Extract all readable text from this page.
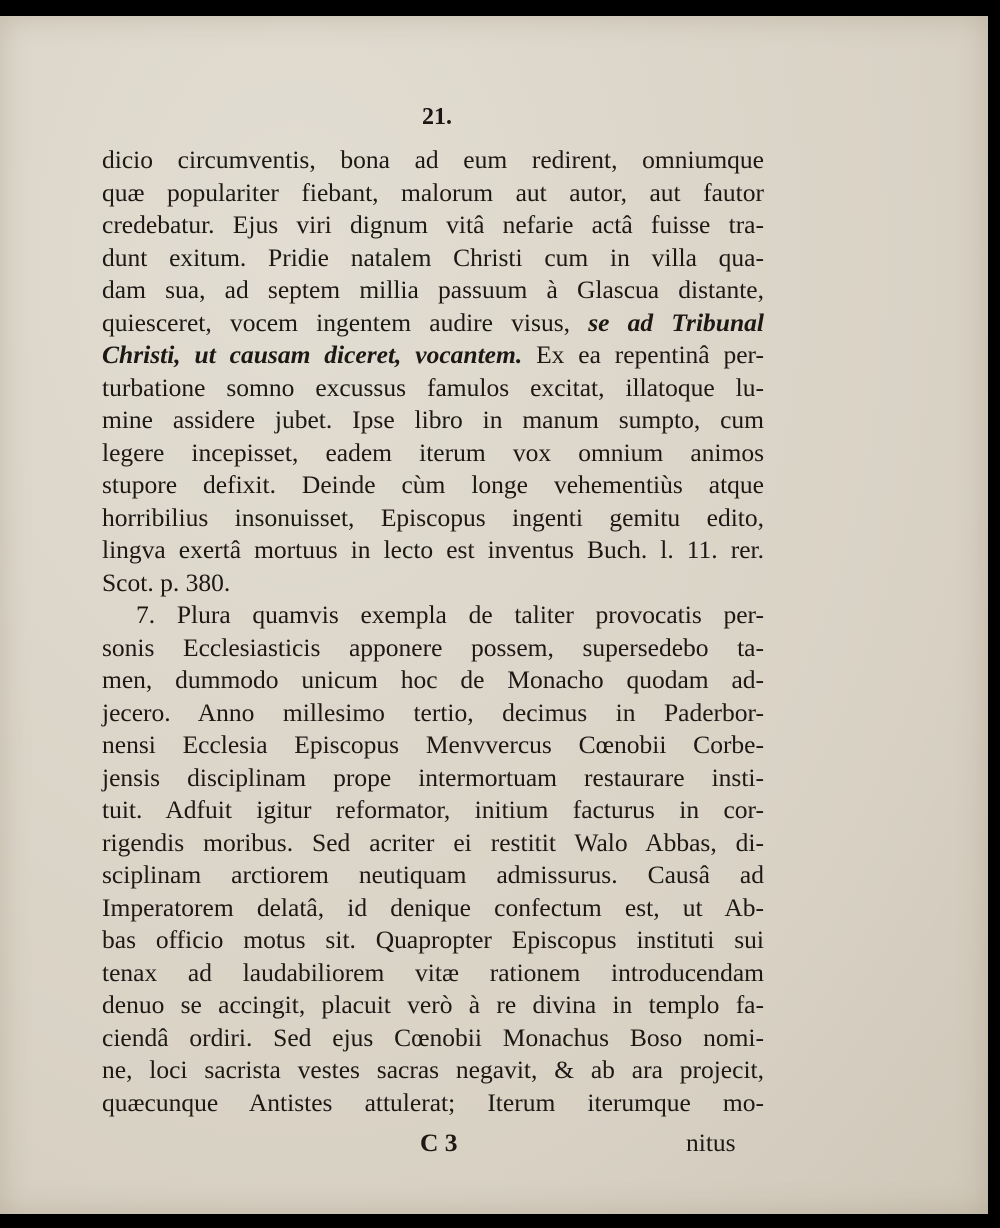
21.
dicio circumventis, bona ad eum redirent, omniumque
quæ populariter fiebant, malorum aut autor, aut fautor
credebatur. Ejus viri dignum vitâ nefarie actâ fuisse tra-
dunt exitum. Pridie natalem Christi cum in villa qua-
dam sua, ad septem millia passuum à Glascua distante,
quiesceret, vocem ingentem audire visus, se ad Tribunal
Christi, ut causam diceret, vocantem. Ex ea repentinâ per-
turbatione somno excussus famulos excitat, illatoque lu-
mine assidere jubet. Ipse libro in manum sumpto, cum
legere incepisset, eadem iterum vox omnium animos
stupore defixit. Deinde cùm longe vehementiùs atque
horribilius insonuisset, Episcopus ingenti gemitu edito,
lingva exertâ mortuus in lecto est inventus Buch. l. 11. rer.
Scot. p. 380.
7. Plura quamvis exempla de taliter provocatis per-
sonis Ecclesiasticis apponere possem, supersedebo ta-
men, dummodo unicum hoc de Monacho quodam ad-
jecero. Anno millesimo tertio, decimus in Paderbor-
nensi Ecclesia Episcopus Menvvercus Cœnobii Corbe-
jensis disciplinam prope intermortuam restaurare insti-
tuit. Adfuit igitur reformator, initium facturus in cor-
rigendis moribus. Sed acriter ei restitit Walo Abbas, di-
sciplinam arctiorem neutiquam admissurus. Causâ ad
Imperatorem delatâ, id denique confectum est, ut Ab-
bas officio motus sit. Quapropter Episcopus instituti sui
tenax ad laudabiliorem vitæ rationem introducendam
denuo se accingit, placuit verò à re divina in templo fa-
ciendâ ordiri. Sed ejus Cœnobii Monachus Boso nomi-
ne, loci sacrista vestes sacras negavit, & ab ara projecit,
quæcunque Antistes attulerat; Iterum iterumque mo-
C 3	nitus
